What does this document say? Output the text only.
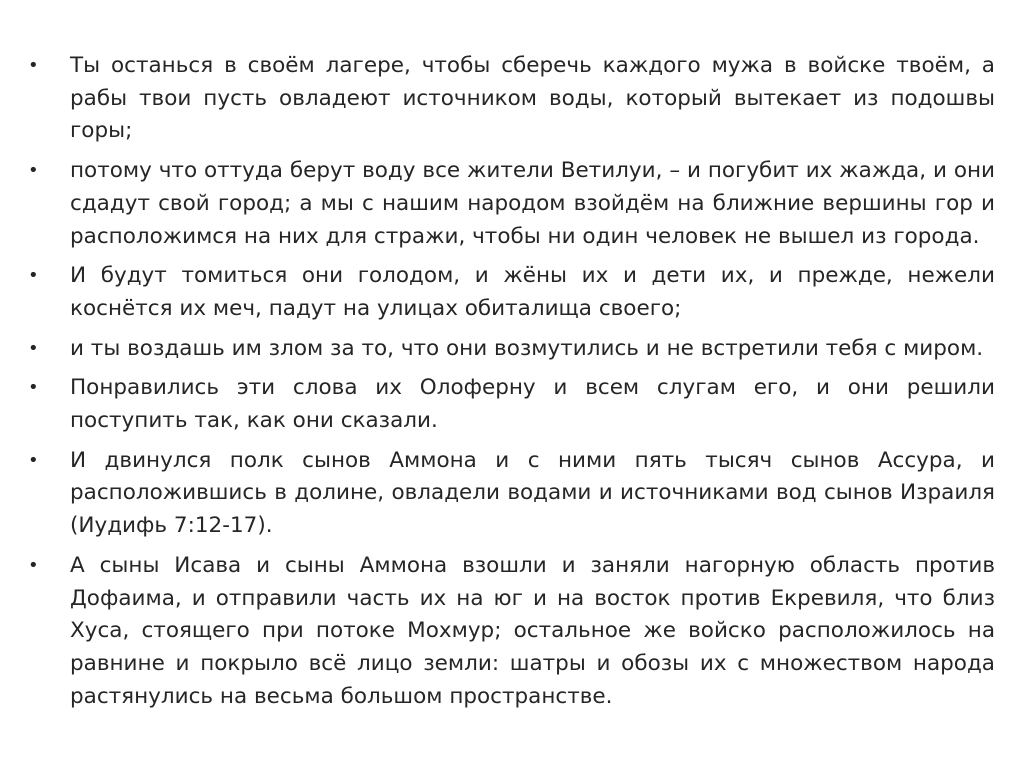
• Ты останься в своём лагере, чтобы сберечь каждого мужа в войске твоём, а рабы твои пусть овладеют источником воды, который вытекает из подошвы горы;
• потому что оттуда берут воду все жители Ветилуи, – и погубит их жажда, и они сдадут свой город; а мы с нашим народом взойдём на ближние вершины гор и расположимся на них для стражи, чтобы ни один человек не вышел из города.
• И будут томиться они голодом, и жёны их и дети их, и прежде, нежели коснётся их меч, падут на улицах обиталища своего;
• и ты воздашь им злом за то, что они возмутились и не встретили тебя с миром.
• Понравились эти слова их Олоферну и всем слугам его, и они решили поступить так, как они сказали.
• И двинулся полк сынов Аммона и с ними пять тысяч сынов Ассура, и расположившись в долине, овладели водами и источниками вод сынов Израиля (Иудифь 7:12-17).
• А сыны Исава и сыны Аммона взошли и заняли нагорную область против Дофаима, и отправили часть их на юг и на восток против Екревиля, что близ Хуса, стоящего при потоке Мохмур; остальное же войско расположилось на равнине и покрыло всё лицо земли: шатры и обозы их с множеством народа растянулись на весьма большом пространстве.
